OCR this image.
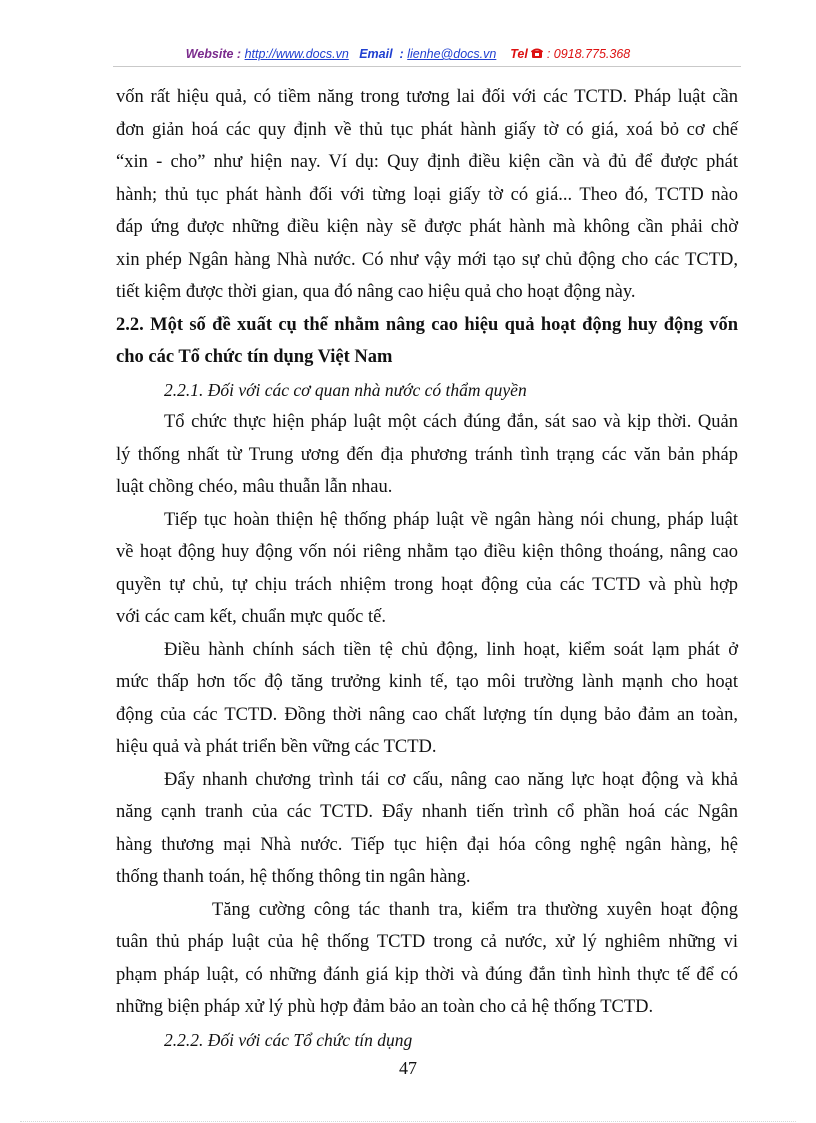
Website : http://www.docs.vn Email : lienhe@docs.vn Tel : 0918.775.368
vốn rất hiệu quả, có tiềm năng trong tương lai đối với các TCTD. Pháp luật cần
đơn giản hoá các quy định về thủ tục phát hành giấy tờ có giá, xoá bỏ cơ chế
“xin - cho” như hiện nay. Ví dụ: Quy định điều kiện cần và đủ để được phát
hành; thủ tục phát hành đối với từng loại giấy tờ có giá... Theo đó, TCTD nào
đáp ứng được những điều kiện này sẽ được phát hành mà không cần phải chờ
xin phép Ngân hàng Nhà nước. Có như vậy mới tạo sự chủ động cho các TCTD,
tiết kiệm được thời gian, qua đó nâng cao hiệu quả cho hoạt động này.
2.2. Một số đề xuất cụ thể nhằm nâng cao hiệu quả hoạt động huy động vốn
cho các Tổ chức tín dụng Việt Nam
2.2.1. Đối với các cơ quan nhà nước có thẩm quyền
Tổ chức thực hiện pháp luật một cách đúng đắn, sát sao và kịp thời. Quản
lý thống nhất từ Trung ương đến địa phương tránh tình trạng các văn bản pháp
luật chồng chéo, mâu thuẫn lẫn nhau.
Tiếp tục hoàn thiện hệ thống pháp luật về ngân hàng nói chung, pháp luật
về hoạt động huy động vốn nói riêng nhằm tạo điều kiện thông thoáng, nâng cao
quyền tự chủ, tự chịu trách nhiệm trong hoạt động của các TCTD và phù hợp
với các cam kết, chuẩn mực quốc tế.
Điều hành chính sách tiền tệ chủ động, linh hoạt, kiểm soát lạm phát ở
mức thấp hơn tốc độ tăng trưởng kinh tế, tạo môi trường lành mạnh cho hoạt
động của các TCTD. Đồng thời nâng cao chất lượng tín dụng bảo đảm an toàn,
hiệu quả và phát triển bền vững các TCTD.
Đẩy nhanh chương trình tái cơ cấu, nâng cao năng lực hoạt động và khả
năng cạnh tranh của các TCTD. Đẩy nhanh tiến trình cổ phần hoá các Ngân
hàng thương mại Nhà nước. Tiếp tục hiện đại hóa công nghệ ngân hàng, hệ
thống thanh toán, hệ thống thông tin ngân hàng.
Tăng cường công tác thanh tra, kiểm tra thường xuyên hoạt động
tuân thủ pháp luật của hệ thống TCTD trong cả nước, xử lý nghiêm những vi
phạm pháp luật, có những đánh giá kịp thời và đúng đắn tình hình thực tế để có
những biện pháp xử lý phù hợp đảm bảo an toàn cho cả hệ thống TCTD.
2.2.2. Đối với các Tổ chức tín dụng
47
